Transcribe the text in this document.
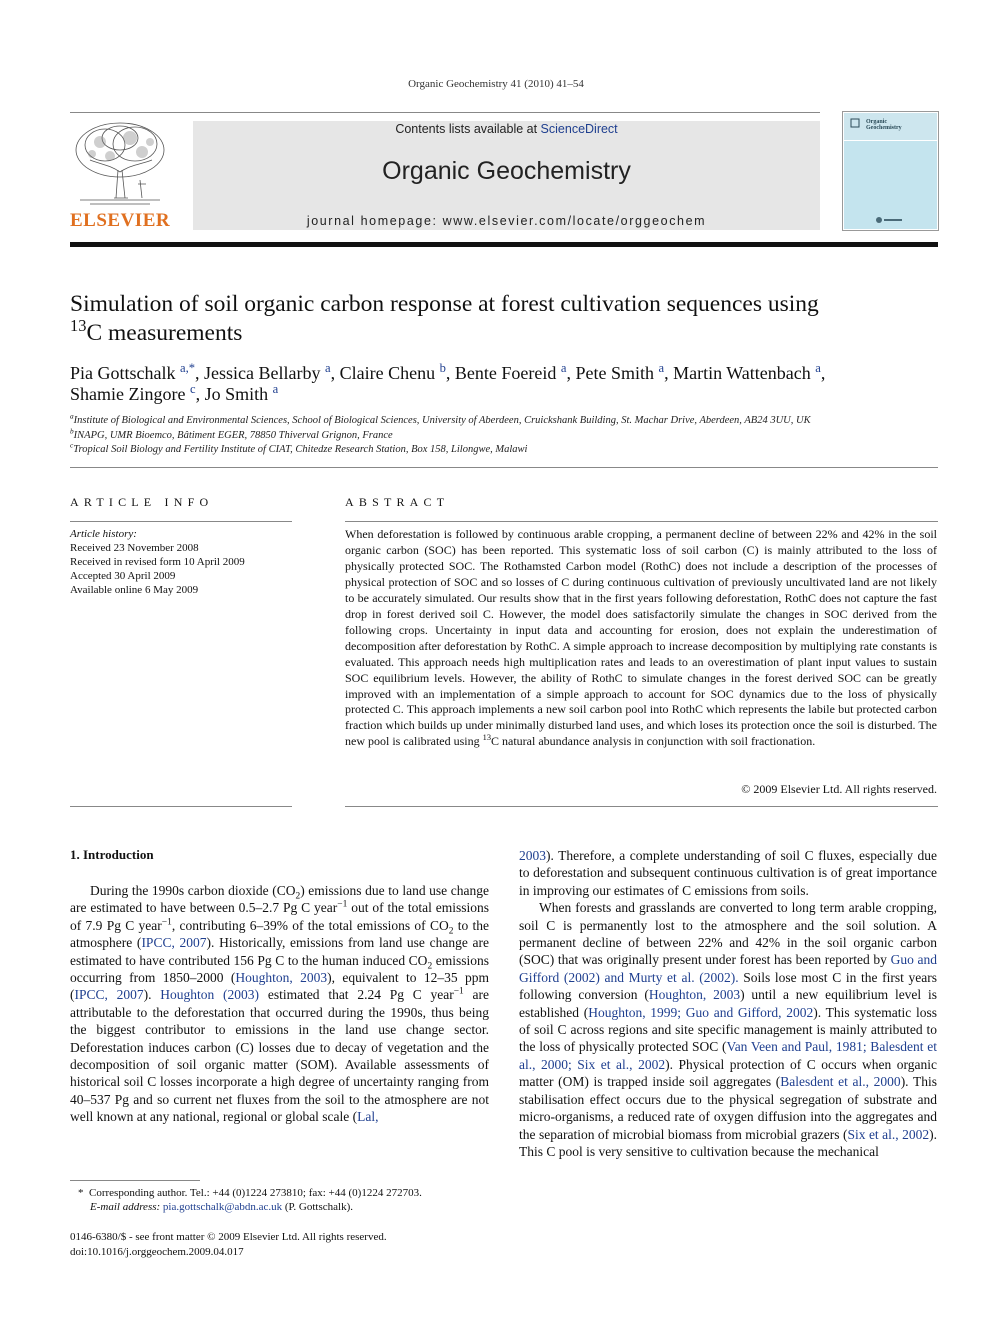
Organic Geochemistry 41 (2010) 41–54
ELSEVIER
Contents lists available at ScienceDirect
Organic Geochemistry
journal homepage: www.elsevier.com/locate/orggeochem
Organic
Geochemistry
Simulation of soil organic carbon response at forest cultivation sequences using
$^{13}$C measurements
Pia Gottschalk $^{a,*}$, Jessica Bellarby $^a$, Claire Chenu $^b$, Bente Foereid $^a$, Pete Smith $^a$, Martin Wattenbach $^a$,
Shamie Zingore $^c$, Jo Smith $^a$
$^a$Institute of Biological and Environmental Sciences, School of Biological Sciences, University of Aberdeen, Cruickshank Building, St. Machar Drive, Aberdeen, AB24 3UU, UK
$^b$INAPG, UMR Bioemco, Bâtiment EGER, 78850 Thiverval Grignon, France
$^c$Tropical Soil Biology and Fertility Institute of CIAT, Chitedze Research Station, Box 158, Lilongwe, Malawi
ARTICLE INFO
Article history:
Received 23 November 2008
Received in revised form 10 April 2009
Accepted 30 April 2009
Available online 6 May 2009
ABSTRACT

When deforestation is followed by continuous arable cropping, a permanent decline of between 22% and 42% in the soil organic carbon (SOC) has been reported. This systematic loss of soil carbon (C) is mainly attributed to the loss of physically protected SOC. The Rothamsted Carbon model (RothC) does not include a description of the processes of physical protection of SOC and so losses of C during continuous cultivation of previously uncultivated land are not likely to be accurately simulated. Our results show that in the first years following deforestation, RothC does not capture the fast drop in forest derived soil C. However, the model does satisfactorily simulate the changes in SOC derived from the following crops. Uncertainty in input data and accounting for erosion, does not explain the underestimation of decomposition after deforestation by RothC. A simple approach to increase decomposition by multiplying rate constants is evaluated. This approach needs high multiplication rates and leads to an overestimation of plant input values to sustain SOC equilibrium levels. However, the ability of RothC to simulate changes in the forest derived SOC can be greatly improved with an implementation of a simple approach to account for SOC dynamics due to the loss of physically protected C. This approach implements a new soil carbon pool into RothC which represents the labile but protected carbon fraction which builds up under minimally disturbed land uses, and which loses its protection once the soil is disturbed. The new pool is calibrated using $^{13}$C natural abundance analysis in conjunction with soil fractionation.

© 2009 Elsevier Ltd. All rights reserved.
1. Introduction

During the 1990s carbon dioxide $(CO_2)$ emissions due to land use change are estimated to have between 0.5–2.7 Pg C year$^{-1}$ out of the total emissions of 7.9 Pg C year$^{-1}$, contributing 6–39% of the total emissions of $CO_2$ to the atmosphere (IPCC, 2007). Historically, emissions from land use change are estimated to have contributed 156 Pg C to the human induced $CO_2$ emissions occurring from 1850–2000 (Houghton, 2003), equivalent to 12–35 ppm (IPCC, 2007). Houghton (2003) estimated that 2.24 Pg C year$^{-1}$ are attributable to the deforestation that occurred during the 1990s, thus being the biggest contributor to emissions in the land use change sector. Deforestation induces carbon (C) losses due to decay of vegetation and the decomposition of soil organic matter (SOM). Available assessments of historical soil C losses incorporate a high degree of uncertainty ranging from 40–537 Pg and so current net fluxes from the soil to the atmosphere are not well known at any national, regional or global scale (Lal,

2003). Therefore, a complete understanding of soil C fluxes, especially due to deforestation and subsequent continuous cultivation is of great importance in improving our estimates of C emissions from soils.

When forests and grasslands are converted to long term arable cropping, soil C is permanently lost to the atmosphere and the soil solution. A permanent decline of between 22% and 42% in the soil organic carbon (SOC) that was originally present under forest has been reported by Guo and Gifford (2002) and Murty et al. (2002). Soils lose most C in the first years following conversion (Houghton, 2003) until a new equilibrium level is established (Houghton, 1999; Guo and Gifford, 2002). This systematic loss of soil C across regions and site specific management is mainly attributed to the loss of physically protected SOC (Van Veen and Paul, 1981; Balesdent et al., 2000; Six et al., 2002). Physical protection of C occurs when organic matter (OM) is trapped inside soil aggregates (Balesdent et al., 2000). This stabilisation effect occurs due to the physical segregation of substrate and micro-organisms, a reduced rate of oxygen diffusion into the aggregates and the separation of microbial biomass from microbial grazers (Six et al., 2002). This C pool is very sensitive to cultivation because the mechanical

* Corresponding author. Tel.: +44 (0)1224 273810; fax: +44 (0)1224 272703.
E-mail address: pia.gottschalk@abdn.ac.uk (P. Gottschalk).
0146-6380/$ - see front matter © 2009 Elsevier Ltd. All rights reserved.
doi:10.1016/j.orggeochem.2009.04.017
